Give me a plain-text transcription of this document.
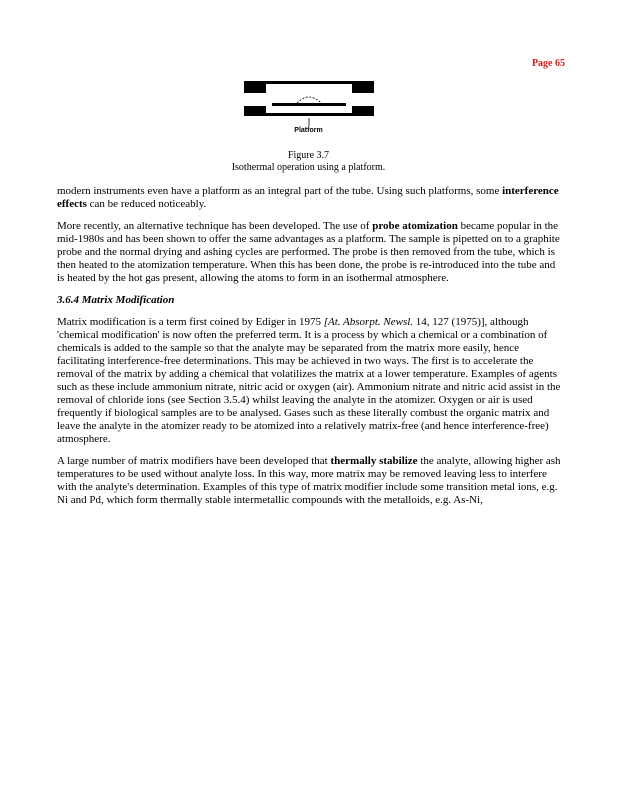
Page 65
Platform
Figure 3.7
Isothermal operation using a platform.

modern instruments even have a platform as an integral part of the tube. Using such platforms, some interference effects can be reduced noticeably.

More recently, an alternative technique has been developed. The use of probe atomization became popular in the mid-1980s and has been shown to offer the same advantages as a platform. The sample is pipetted on to a graphite probe and the normal drying and ashing cycles are performed. The probe is then removed from the tube, which is then heated to the atomization temperature. When this has been done, the probe is re-introduced into the tube and is heated by the hot gas present, allowing the atoms to form in an isothermal atmosphere.

3.6.4 Matrix Modification

Matrix modification is a term first coined by Ediger in 1975 [At. Absorpt. Newsl. 14, 127 (1975)], although 'chemical modification' is now often the preferred term. It is a process by which a chemical or a combination of chemicals is added to the sample so that the analyte may be separated from the matrix more easily, hence facilitating interference-free determinations. This may be achieved in two ways. The first is to accelerate the removal of the matrix by adding a chemical that volatilizes the matrix at a lower temperature. Examples of agents such as these include ammonium nitrate, nitric acid or oxygen (air). Ammonium nitrate and nitric acid assist in the removal of chloride ions (see Section 3.5.4) whilst leaving the analyte in the atomizer. Oxygen or air is used frequently if biological samples are to be analysed. Gases such as these literally combust the organic matrix and leave the analyte in the atomizer ready to be atomized into a relatively matrix-free (and hence interference-free) atmosphere.

A large number of matrix modifiers have been developed that thermally stabilize the analyte, allowing higher ash temperatures to be used without analyte loss. In this way, more matrix may be removed leaving less to interfere with the analyte's determination. Examples of this type of matrix modifier include some transition metal ions, e.g. Ni and Pd, which form thermally stable intermetallic compounds with the metalloids, e.g. As-Ni,
